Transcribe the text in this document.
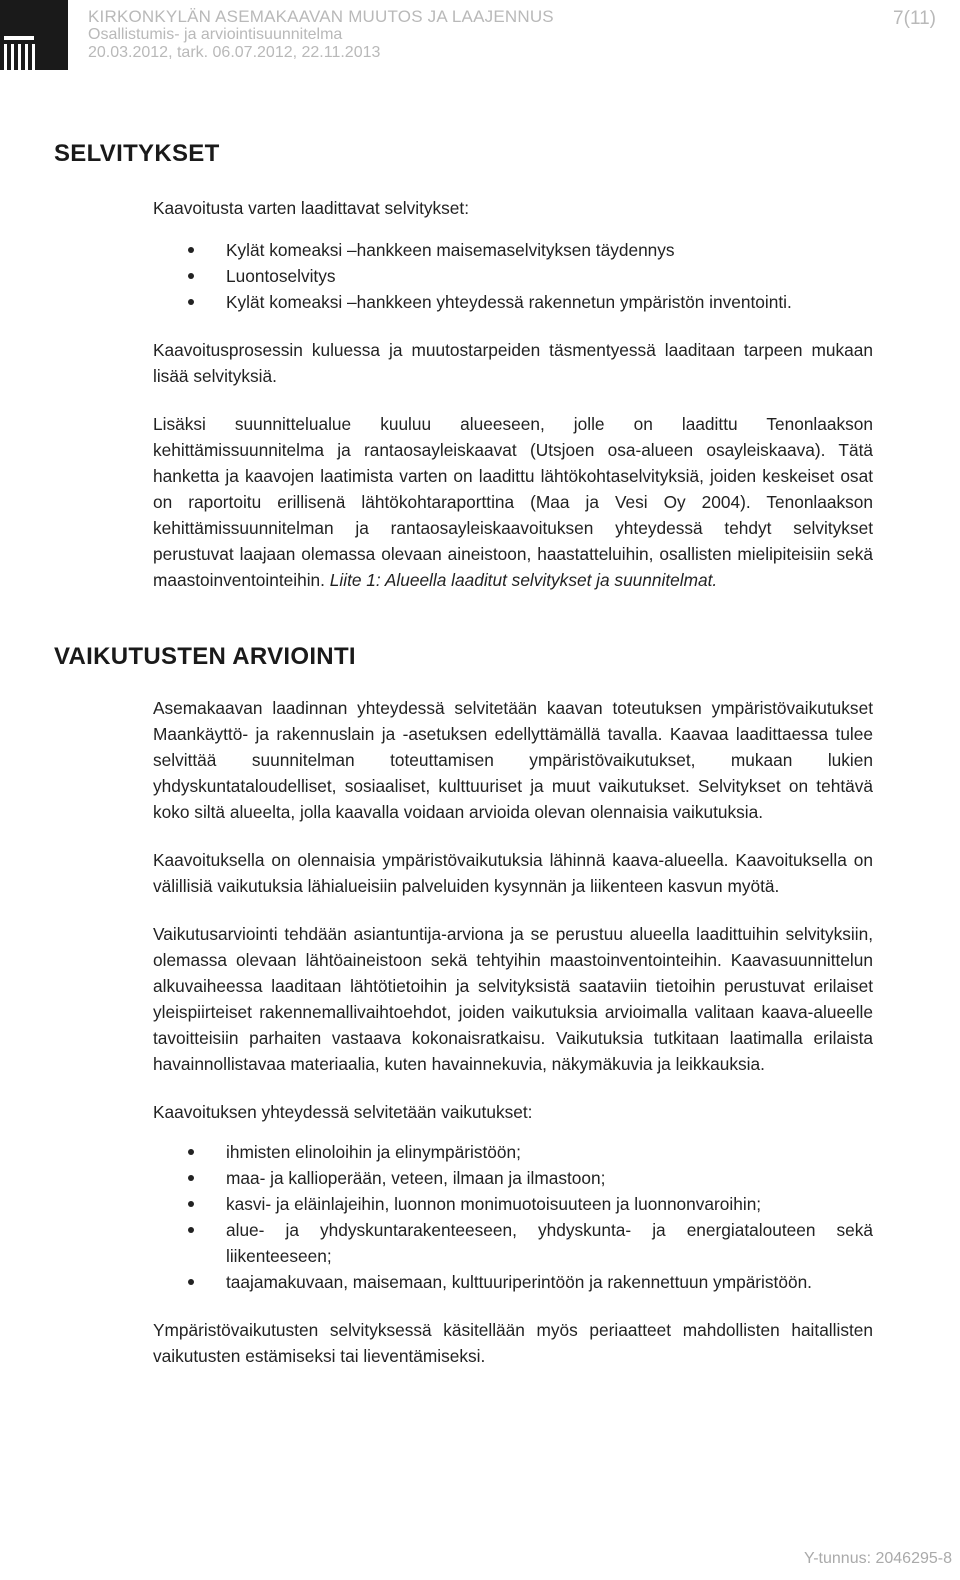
KIRKONKYLÄN ASEMAKAAVAN MUUTOS JA LAAJENNUS
Osallistumis- ja arviointisuunnitelma
20.03.2012, tark. 06.07.2012, 22.11.2013
7(11)
SELVITYKSET

Kaavoitusta varten laadittavat selvitykset:

Kylät komeaksi –hankkeen maisemaselvityksen täydennys
Luontoselvitys
Kylät komeaksi –hankkeen yhteydessä rakennetun ympäristön inventointi.

Kaavoitusprosessin kuluessa ja muutostarpeiden täsmentyessä laaditaan tarpeen mukaan lisää selvityksiä.

Lisäksi suunnittelualue kuuluu alueeseen, jolle on laadittu Tenonlaakson kehittämissuunnitelma ja rantaosayleiskaavat (Utsjoen osa-alueen osayleiskaava). Tätä hanketta ja kaavojen laatimista varten on laadittu lähtökohtaselvityksiä, joiden keskeiset osat on raportoitu erillisenä lähtökohtaraporttina (Maa ja Vesi Oy 2004). Tenonlaakson kehittämissuunnitelman ja rantaosayleiskaavoituksen yhteydessä tehdyt selvitykset perustuvat laajaan olemassa olevaan aineistoon, haastatteluihin, osallisten mielipiteisiin sekä maastoinventointeihin. Liite 1: Alueella laaditut selvitykset ja suunnitelmat.

VAIKUTUSTEN ARVIOINTI

Asemakaavan laadinnan yhteydessä selvitetään kaavan toteutuksen ympäristövaikutukset Maankäyttö- ja rakennuslain ja -asetuksen edellyttämällä tavalla. Kaavaa laadittaessa tulee selvittää suunnitelman toteuttamisen ympäristövaikutukset, mukaan lukien yhdyskuntataloudelliset, sosiaaliset, kulttuuriset ja muut vaikutukset. Selvitykset on tehtävä koko siltä alueelta, jolla kaavalla voidaan arvioida olevan olennaisia vaikutuksia.

Kaavoituksella on olennaisia ympäristövaikutuksia lähinnä kaava-alueella. Kaavoituksella on välillisiä vaikutuksia lähialueisiin palveluiden kysynnän ja liikenteen kasvun myötä.

Vaikutusarviointi tehdään asiantuntija-arviona ja se perustuu alueella laadittuihin selvityksiin, olemassa olevaan lähtöaineistoon sekä tehtyihin maastoinventointeihin. Kaavasuunnittelun alkuvaiheessa laaditaan lähtötietoihin ja selvityksistä saataviin tietoihin perustuvat erilaiset yleispiirteiset rakennemallivaihtoehdot, joiden vaikutuksia arvioimalla valitaan kaava-alueelle tavoitteisiin parhaiten vastaava kokonaisratkaisu. Vaikutuksia tutkitaan laatimalla erilaista havainnollistavaa materiaalia, kuten havainnekuvia, näkymäkuvia ja leikkauksia.

Kaavoituksen yhteydessä selvitetään vaikutukset:

ihmisten elinoloihin ja elinympäristöön;
maa- ja kallioperään, veteen, ilmaan ja ilmastoon;
kasvi- ja eläinlajeihin, luonnon monimuotoisuuteen ja luonnonvaroihin;
alue- ja yhdyskuntarakenteeseen, yhdyskunta- ja energiatalouteen sekä liikenteeseen;
taajamakuvaan, maisemaan, kulttuuriperintöön ja rakennettuun ympäristöön.

Ympäristövaikutusten selvityksessä käsitellään myös periaatteet mahdollisten haitallisten vaikutusten estämiseksi tai lieventämiseksi.

Y-tunnus: 2046295-8
